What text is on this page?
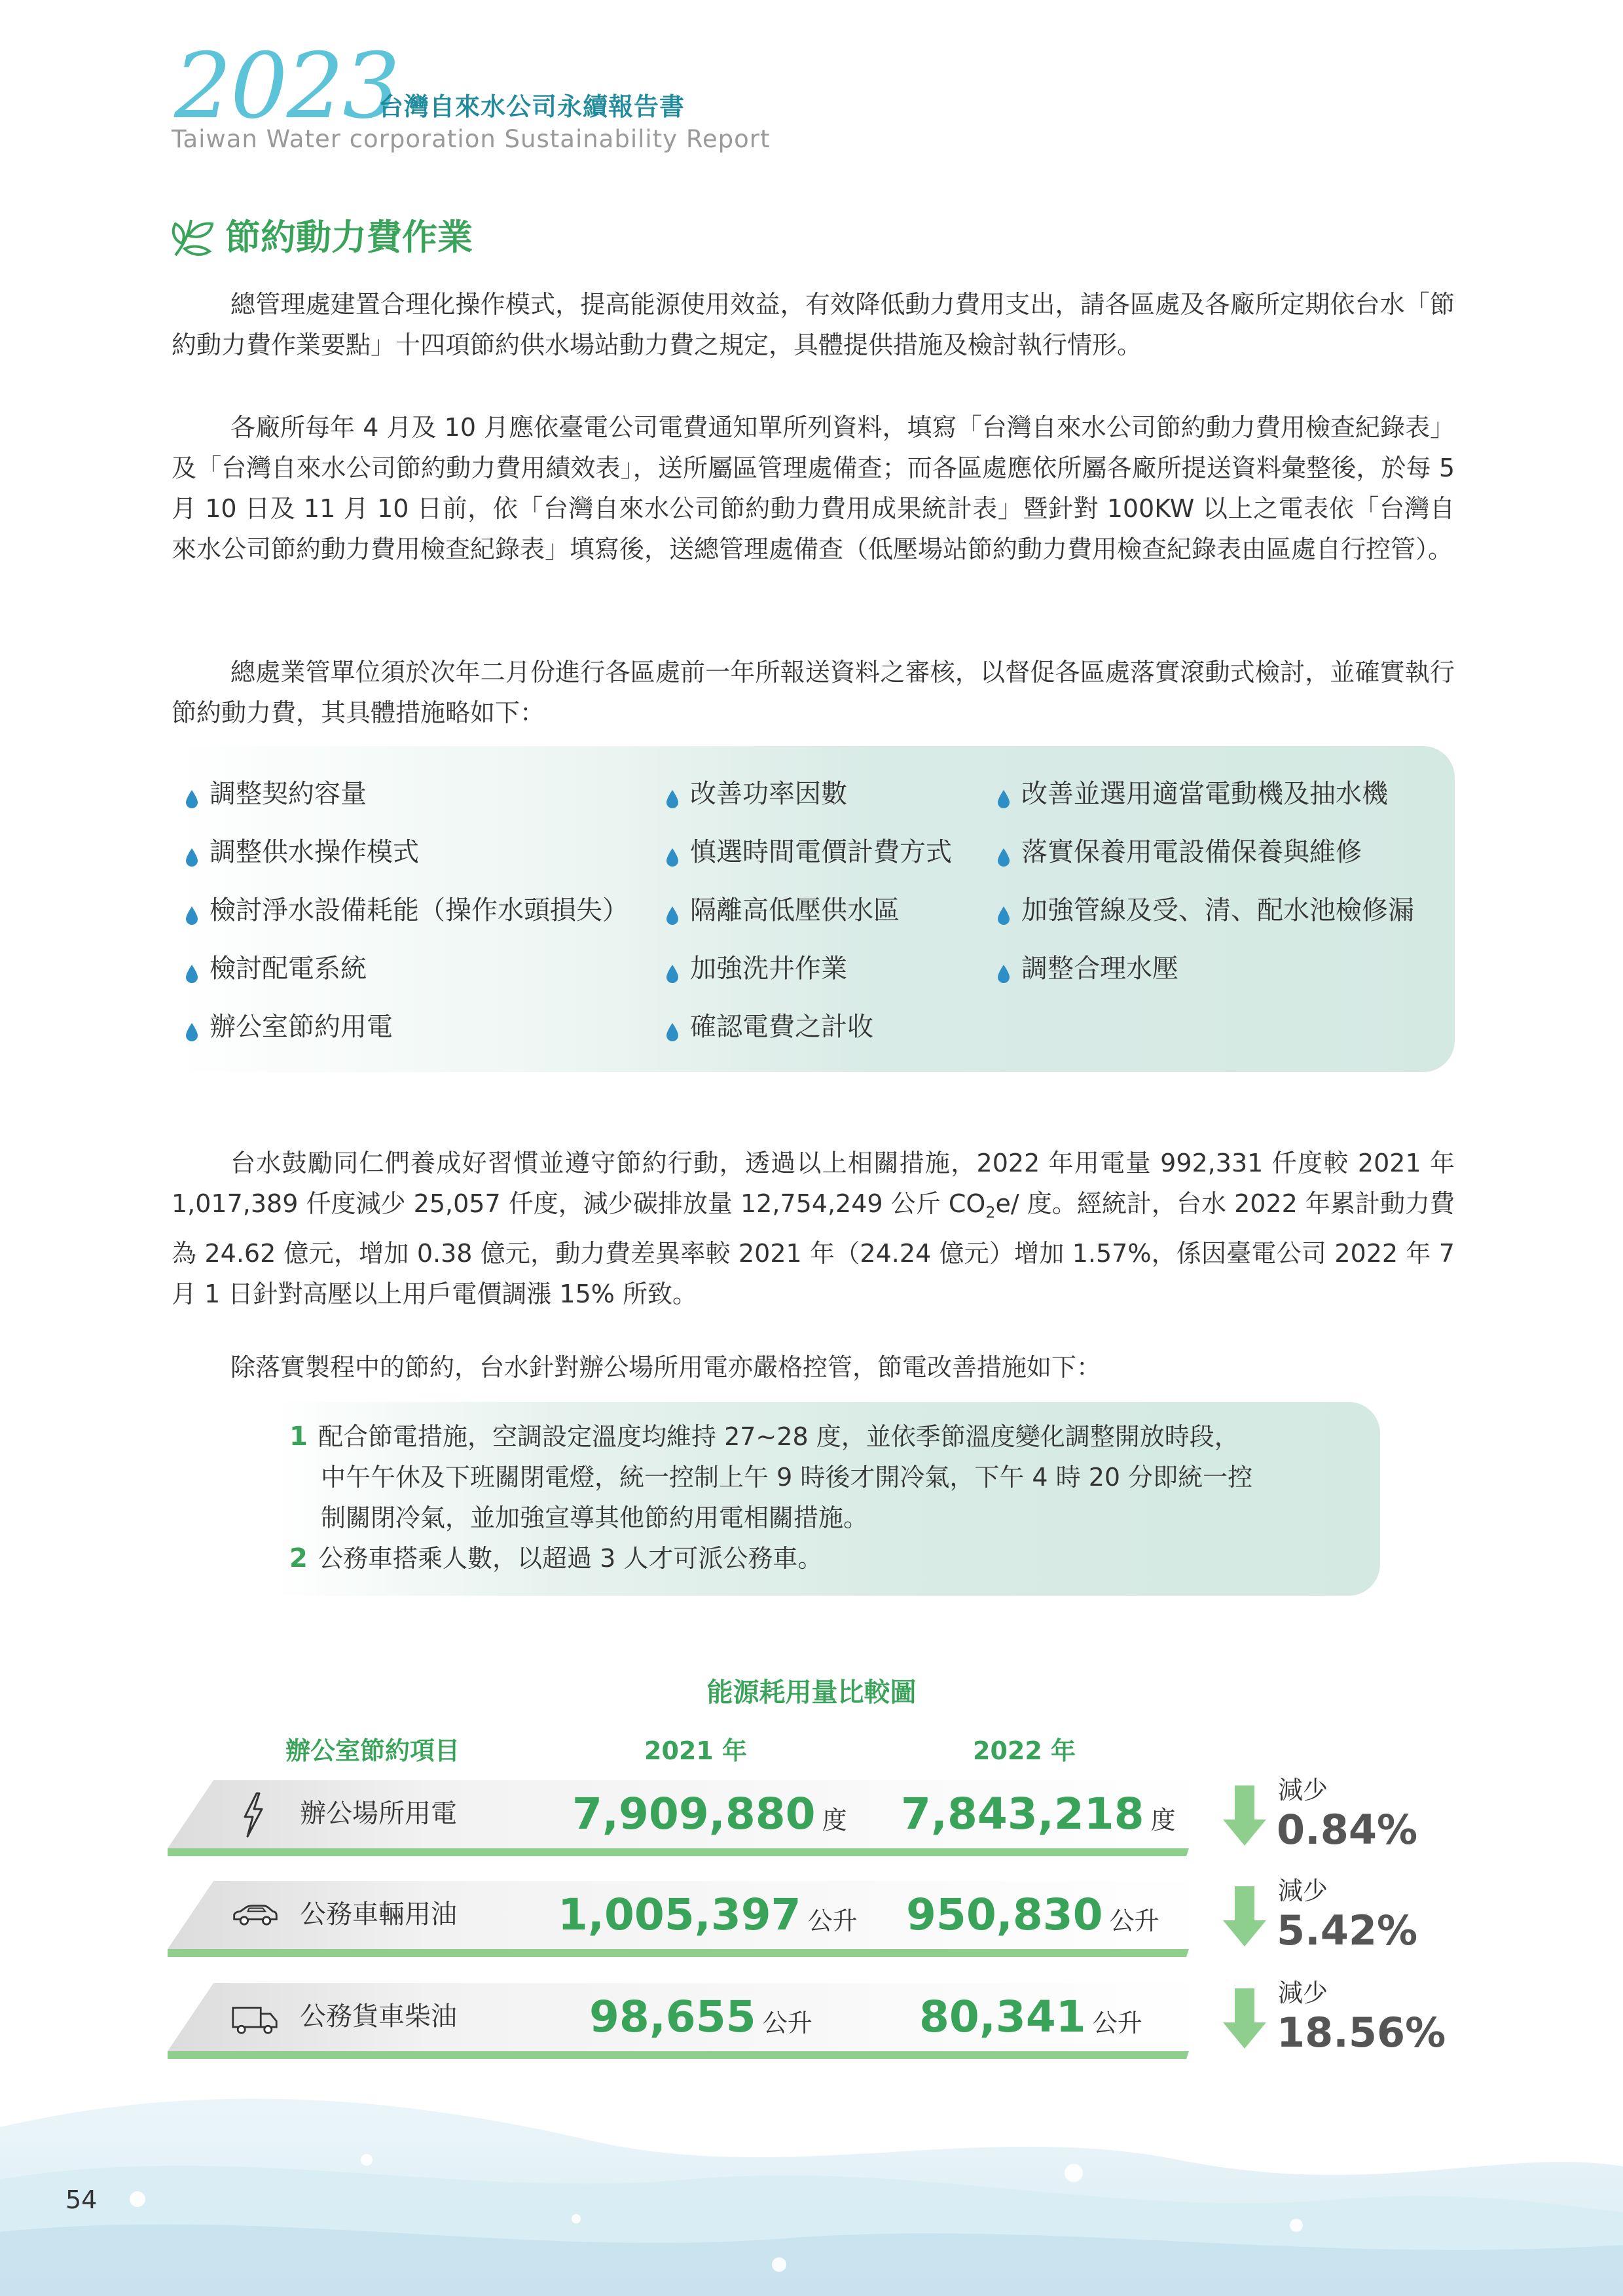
2023
台灣自來水公司永續報告書
Taiwan Water corporation Sustainability Report
節約動力費作業

總管理處建置合理化操作模式，提高能源使用效益，有效降低動力費用支出，請各區處及各廠所定期依台水「節約動力費作業要點」十四項節約供水場站動力費之規定，具體提供措施及檢討執行情形。

各廠所每年 4 月及 10 月應依臺電公司電費通知單所列資料，填寫「台灣自來水公司節約動力費用檢查紀錄表」及「台灣自來水公司節約動力費用績效表」，送所屬區管理處備查；而各區處應依所屬各廠所提送資料彙整後，於每 5 月 10 日及 11 月 10 日前，依「台灣自來水公司節約動力費用成果統計表」暨針對 100KW 以上之電表依「台灣自來水公司節約動力費用檢查紀錄表」填寫後，送總管理處備查（低壓場站節約動力費用檢查紀錄表由區處自行控管）。

總處業管單位須於次年二月份進行各區處前一年所報送資料之審核，以督促各區處落實滾動式檢討，並確實執行節約動力費，其具體措施略如下：

調整契約容量	改善功率因數	改善並選用適當電動機及抽水機
調整供水操作模式	慎選時間電價計費方式	落實保養用電設備保養與維修
檢討淨水設備耗能（操作水頭損失） 隔離高低壓供水區	加強管線及受、清、配水池檢修漏
檢討配電系統	加強洗井作業	調整合理水壓
辦公室節約用電	確認電費之計收

台水鼓勵同仁們養成好習慣並遵守節約行動，透過以上相關措施，2022 年用電量 992,331 仟度較 2021 年 1,017,389 仟度減少 25,057 仟度，減少碳排放量 12,754,249 公斤 $CO_2e/$ 度。經統計，台水 2022 年累計動力費為 24.62 億元，增加 0.38 億元，動力費差異率較 2021 年（24.24 億元）增加 1.57%，係因臺電公司 2022 年 7 月 1 日針對高壓以上用戶電價調漲 15% 所致。

除落實製程中的節約，台水針對辦公場所用電亦嚴格控管，節電改善措施如下：

1 配合節電措施，空調設定溫度均維持 27~28 度，並依季節溫度變化調整開放時段，
中午午休及下班關閉電燈，統一控制上午 9 時後才開冷氣，下午 4 時 20 分即統一控
制關閉冷氣，並加強宣導其他節約用電相關措施。
2 公務車搭乘人數，以超過 3 人才可派公務車。
能源耗用量比較圖
辦公室節約項目	2021 年	2022 年
辦公場所用電	7,909,880 度 7,843,218 度
減少
0.84%
公務車輛用油 1,005,397 公升 950,830 公升
減少
5.42%
公務貨車柴油	98,655 公升 80,341 公升
減少
18.56%
54
